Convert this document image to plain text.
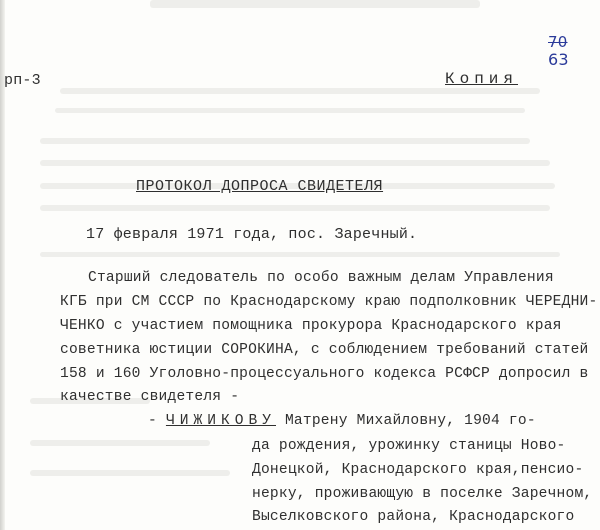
рп-3	Копия
70
63
ПРОТОКОЛ ДОПРОСА СВИДЕТЕЛЯ
17 февраля 1971 года, пос. Заречный.
Старший следователь по особо важным делам Управления
КГБ при СМ СССР по Краснодарскому краю подполковник ЧЕРЕДНИ-
ЧЕНКО с участием помощника прокурора Краснодарского края
советника юстиции СОРОКИНА, с соблюдением требований статей
158 и 160 Уголовно-процессуального кодекса РСФСР допросил в
качестве свидетеля -
- ЧИЖИКОВУ Матрену Михайловну, 1904 го-
да рождения, урожинку станицы Ново-
Донецкой, Краснодарского края,пенсио-
нерку, проживающую в поселке Заречном,
Выселковского района, Краснодарского
